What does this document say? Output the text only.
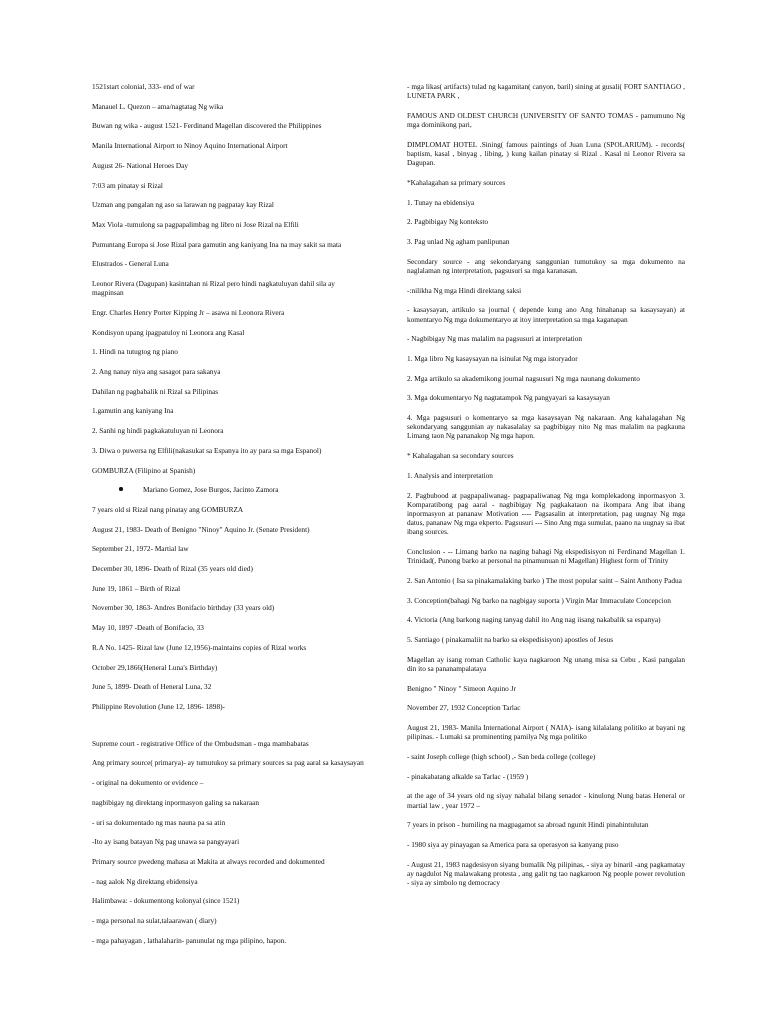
1521start colonial, 333- end of war
Manauel L. Quezon – ama/nagtatag Ng wika
Buwan ng wika - august 1521- Ferdinand Magellan discovered the Philippines
Manila International Airport to Ninoy Aquino International Airport
August 26- National Heroes Day
7:03 am pinatay si Rizal
Uzman ang pangalan ng aso sa larawan ng pagpatay kay Rizal
Max Viola -tumulong sa pagpapalimbag ng libro ni Jose Rizal na Elfili
Pumuntang Europa si Jose Rizal para gamutin ang kaniyang Ina na may sakit sa mata
Elustrados - General Luna
Leonor Rivera (Dagupan) kasintahan ni Rizal pero hindi nagkatuluyan dahil sila ay magpinsan
Engr. Charles Henry Porter Kipping Jr – asawa ni Leonora Rivera
Kondisyon upang ipagpatuloy ni Leonora ang Kasal
1. Hindi na tutugtog ng piano
2. Ang nanay niya ang sasagot para sakanya
Dahilan ng pagbabalik ni Rizal sa Pilipinas
1.gamutin ang kaniyang Ina
2. Sanhi ng hindi pagkakatuluyan ni Leonora
3. Diwa o puwersa ng Elfili(nakasukat sa Espanya ito ay para sa mga Espanol)
GOMBURZA (Filipino at Spanish)
Mariano Gomez, Jose Burgos, Jacinto Zamora
7 years old si Rizal nang pinatay ang GOMBURZA
August 21, 1983- Death of Benigno "Ninoy" Aquino Jr. (Senate President)
September 21, 1972- Martial law
December 30, 1896- Death of Rizal (35 years old died)
June 19, 1861 – Birth of Rizal
November 30, 1863- Andres Bonifacio birthday (33 years old)
May 10, 1897 -Death of Bonifacio, 33
R.A No. 1425- Rizal law (June 12,1956)-maintains copies of Rizal works
October 29,1866(Heneral Luna's Birthday)
June 5, 1899- Death of Heneral Luna, 32
Philippine Revolution (June 12, 1896- 1898)-
Supreme court - registrative Office of the Ombudsman - mga mambabatas
Ang primary source( primarya)- ay tumutukoy sa primary sources sa pag aaral sa kasaysayan
- original na dokumento or evidence –
nagbibigay ng direktang inpormasyon galing sa nakaraan
- uri sa dokumentado ng mas nauna pa sa atin
-Ito ay isang batayan Ng pag unawa sa pangyayari
Primary source pwedeng mahasa at Makita at always recorded and dokumented
- nag aalok Ng direktang ebidensiya
Halimbawa: - dokumentong kolonyal (since 1521)
- mga personal na sulat,talaarawan ( diary)
- mga pahayagan , lathalaharin- panunulat ng mga pilipino, hapon.
- mga likas( artifacts) tulad ng kagamitan( canyon, baril) sining at gusali( FORT SANTIAGO , LUNETA PARK ,
FAMOUS AND OLDEST CHURCH (UNIVERSITY OF SANTO TOMAS - pamumuno Ng mga dominikong pari,
DIMPLOMAT HOTEL .Sining( famous paintings of Juan Luna (SPOLARIUM). - records( baptism, kasal , binyag , libing, ) kung kailan pinatay si Rizal . Kasal ni Leonor Rivera sa Dagupan.
*Kahalagahan sa primary sources
1. Tunay na ebidensiya
2. Pagbibigay Ng konteksto
3. Pag unlad Ng agham panlipunan
Secondary source - ang sekondaryang sanggunian tumutukoy sa mga dokumento na naglalaman ng interpretation, pagsusuri sa mga karanasan.
-:nilikha Ng mga Hindi direktang saksi
- kasaysayan, artikulo sa journal ( depende kung ano Ang hinahanap sa kasaysayan) at komentaryo Ng mga dokumentaryo at itoy interpretation sa mga kaganapan
- Nagbibigay Ng mas malalim na pagsusuri at interpretation
1. Mga libro Ng kasaysayan na isinulat Ng mga istoryador
2. Mga artikulo sa akademikong journal nagsusuri Ng mga naunang dokumento
3. Mga dokumentaryo Ng nagtatampok Ng pangyayari sa kasaysayan
4. Mga pagsusuri o komentaryo sa mga kasaysayan Ng nakaraan. Ang kahalagahan Ng sekondaryang sanggunian ay nakasalalay sa pagbibigay nito Ng mas malalim na pagkauna Limang taon Ng pananakop Ng mga hapon.
* Kahalagahan sa secondary sources
1. Analysis and interpretation
2. Pagbubood at pagpapaliwanag- pagpapaliwanag Ng mga komplekadong inpormasyon 3. Komparatibong pag aaral - nagbibigay Ng pagkakataon na ikompara Ang ibat ibang inpormasyon at pananaw Motivation ---- Pagsasalin at interpretation, pag uugnay Ng mga datus, pananaw Ng mga ekperto. Pagsusuri --- Sino Ang mga sumulat, paano na uugnay sa ibat ibang sources.
Conclusion - -- Limang barko na naging bahagi Ng ekspedisisyon ni Ferdinand Magellan 1. Trinidad(, Punong barko at personal na pinamunuan ni Magellan) Highest form of Trinity
2. San Antonio ( Isa sa pinakamalaking barko ) The most popular saint – Saint Anthony Padua
3. Conception(bahagi Ng barko na nagbigay suporta ) Virgin Mar Immaculate Concepcion
4. Victoria (Ang barkong naging tanyag dahil ito Ang nag iisang nakabalik sa espanya)
5. Santiago ( pinakamaliit na barko sa ekspedisisyon) apostles of Jesus
Magellan ay isang roman Catholic kaya nagkaroon Ng unang misa sa Cebu , Kasi pangalan din ito sa pananampalataya
Benigno " Ninoy " Simeon Aquino Jr
November 27, 1932 Conception Tarlac
August 21, 1983- Manila International Airport ( NAIA)- isang kilalalang politiko at bayani ng pilipinas. - Lumaki sa prominenting pamilya Ng mga politiko
- saint Joseph college (high school) ,- San beda college (college)
- pinakabatang alkalde sa Tarlac - (1959 )
at the age of 34 years old ng siyay nahalal bilang senador - kinulong Nung batas Heneral or martial law , year 1972 –
7 years in prison - humiling na magpagamot sa abroad ngunit Hindi pinahintulutan
- 1980 siya ay pinayagan sa America para sa operasyon sa kanyang puso
- August 21, 1983 nagdesisyon siyang bumalik Ng pilipinas, - siya ay binaril -ang pagkamatay ay nagdulot Ng malawakang protesta , ang galit ng tao nagkaroon Ng people power revolution - siya ay simbolo ng democracy
